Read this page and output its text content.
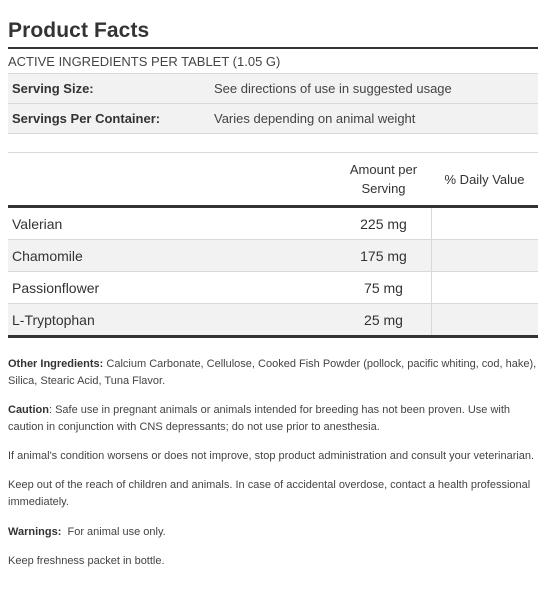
Product Facts
ACTIVE INGREDIENTS PER TABLET (1.05 G)
Serving Size:	See directions of use in suggested usage
Servings Per Container:	Varies depending on animal weight
Amount per
Serving
% Daily Value
Valerian	225 mg
Chamomile	175 mg
Passionflower	75 mg
L-Tryptophan	25 mg

Other Ingredients: Calcium Carbonate, Cellulose, Cooked Fish Powder (pollock, pacific whiting, cod, hake), Silica, Stearic Acid, Tuna Flavor.

Caution: Safe use in pregnant animals or animals intended for breeding has not been proven. Use with caution in conjunction with CNS depressants; do not use prior to anesthesia.

If animal's condition worsens or does not improve, stop product administration and consult your veterinarian.

Keep out of the reach of children and animals. In case of accidental overdose, contact a health professional immediately.

Warnings: For animal use only.

Keep freshness packet in bottle.
